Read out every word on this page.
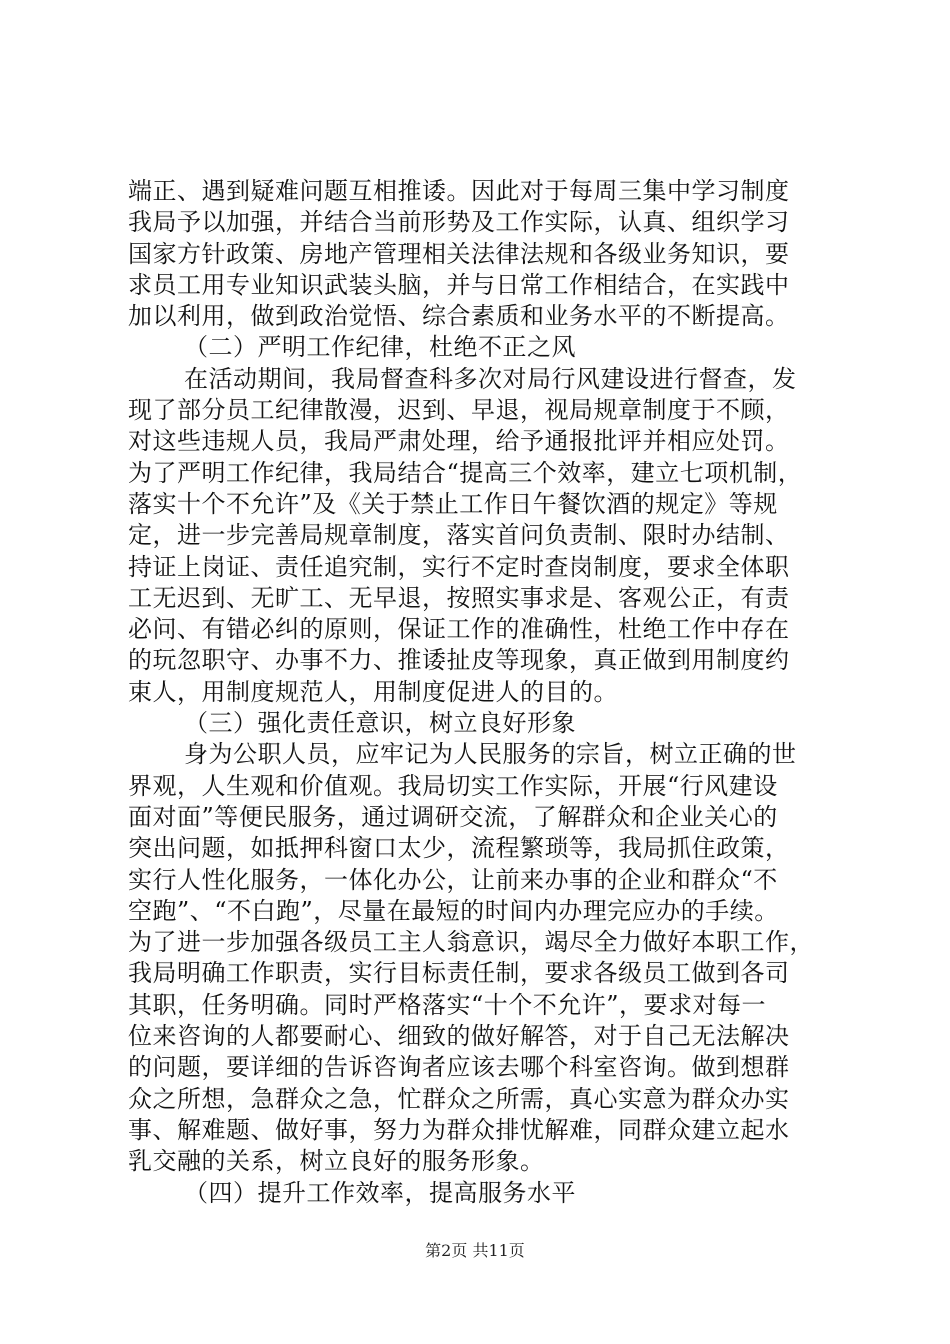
端正、遇到疑难问题互相推诿。因此对于每周三集中学习制度
我局予以加强，并结合当前形势及工作实际，认真、组织学习
国家方针政策、房地产管理相关法律法规和各级业务知识，要
求员工用专业知识武装头脑，并与日常工作相结合，在实践中
加以利用，做到政治觉悟、综合素质和业务水平的不断提高。
（二）严明工作纪律，杜绝不正之风
在活动期间，我局督查科多次对局行风建设进行督查，发
现了部分员工纪律散漫，迟到、早退，视局规章制度于不顾，
对这些违规人员，我局严肃处理，给予通报批评并相应处罚。
为了严明工作纪律，我局结合“提高三个效率，建立七项机制，
落实十个不允许”及《关于禁止工作日午餐饮酒的规定》等规
定，进一步完善局规章制度，落实首问负责制、限时办结制、
持证上岗证、责任追究制，实行不定时查岗制度，要求全体职
工无迟到、无旷工、无早退，按照实事求是、客观公正，有责
必问、有错必纠的原则，保证工作的准确性，杜绝工作中存在
的玩忽职守、办事不力、推诿扯皮等现象，真正做到用制度约
束人，用制度规范人，用制度促进人的目的。
（三）强化责任意识，树立良好形象
身为公职人员，应牢记为人民服务的宗旨，树立正确的世
界观，人生观和价值观。我局切实工作实际，开展“行风建设
面对面”等便民服务，通过调研交流，了解群众和企业关心的
突出问题，如抵押科窗口太少，流程繁琐等，我局抓住政策，
实行人性化服务，一体化办公，让前来办事的企业和群众“不
空跑”、“不白跑”，尽量在最短的时间内办理完应办的手续。
为了进一步加强各级员工主人翁意识，竭尽全力做好本职工作，
我局明确工作职责，实行目标责任制，要求各级员工做到各司
其职，任务明确。同时严格落实“十个不允许”，要求对每一
位来咨询的人都要耐心、细致的做好解答，对于自己无法解决
的问题，要详细的告诉咨询者应该去哪个科室咨询。做到想群
众之所想，急群众之急，忙群众之所需，真心实意为群众办实
事、解难题、做好事，努力为群众排忧解难，同群众建立起水
乳交融的关系，树立良好的服务形象。
（四）提升工作效率，提高服务水平
第2页 共11页
